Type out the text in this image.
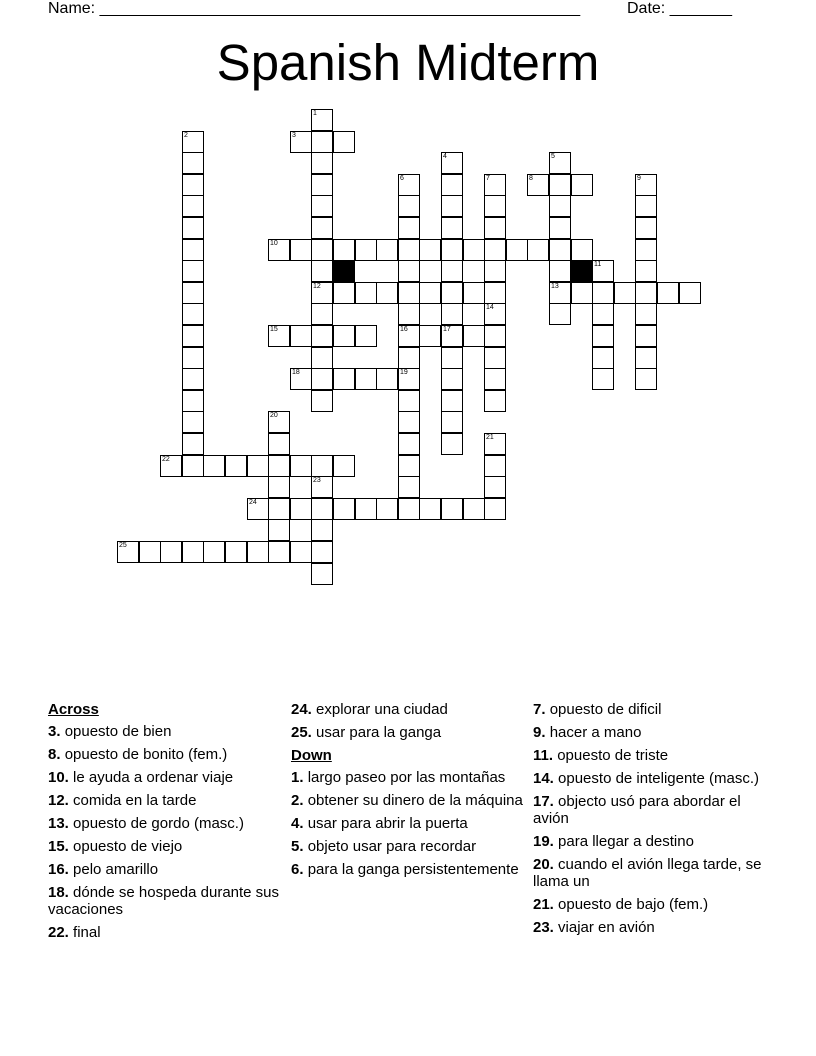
Name: ______________________________________________________	Date: _______
Spanish Midterm
3
8
10
12	13
15	16	17
18	19
22
24
25
1
2
4	5
6	7
14
9
11
20
21
23
Across
3. opuesto de bien
8. opuesto de bonito (fem.)
10. le ayuda a ordenar viaje
12. comida en la tarde
13. opuesto de gordo (masc.)
15. opuesto de viejo
16. pelo amarillo
18. dónde se hospeda durante sus vacaciones
22. final
24. explorar una ciudad
25. usar para la ganga
Down
1. largo paseo por las montañas
2. obtener su dinero de la máquina
4. usar para abrir la puerta
5. objeto usar para recordar
6. para la ganga persistentemente
7. opuesto de dificil
9. hacer a mano
11. opuesto de triste
14. opuesto de inteligente (masc.)
17. objecto usó para abordar el avión
19. para llegar a destino
20. cuando el avión llega tarde, se llama un
21. opuesto de bajo (fem.)
23. viajar en avión
